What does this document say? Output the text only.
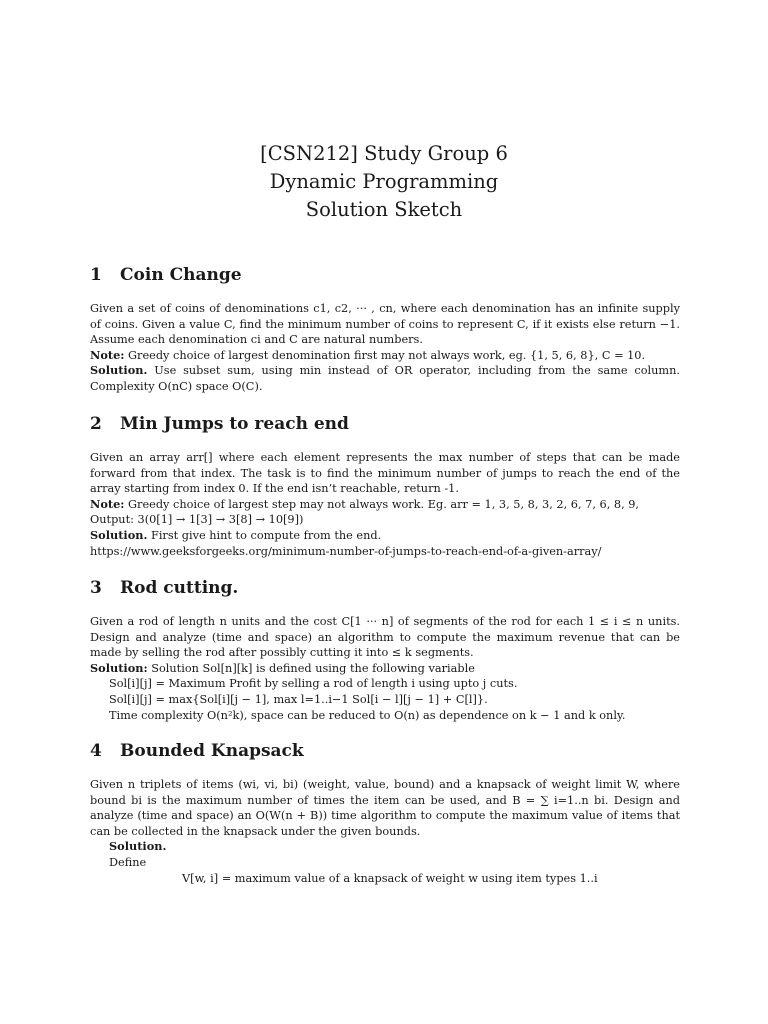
[CSN212] Study Group 6
Dynamic Programming
Solution Sketch
1 Coin Change

Given a set of coins of denominations c1, c2, ··· , cn, where each denomination has an infinite supply of coins. Given a value C, find the minimum number of coins to represent C, if it exists else return −1. Assume each denomination ci and C are natural numbers.

Note: Greedy choice of largest denomination first may not always work, eg. {1, 5, 6, 8}, C = 10.

Solution. Use subset sum, using min instead of OR operator, including from the same column. Complexity O(nC) space O(C).

2 Min Jumps to reach end

Given an array arr[] where each element represents the max number of steps that can be made forward from that index. The task is to find the minimum number of jumps to reach the end of the array starting from index 0. If the end isn’t reachable, return -1.

Note: Greedy choice of largest step may not always work. Eg. arr = 1, 3, 5, 8, 3, 2, 6, 7, 6, 8, 9,

Output: 3(0[1] → 1[3] → 3[8] → 10[9])

Solution. First give hint to compute from the end.

https://www.geeksforgeeks.org/minimum-number-of-jumps-to-reach-end-of-a-given-array/

3 Rod cutting.

Given a rod of length n units and the cost C[1 ··· n] of segments of the rod for each 1 ≤ i ≤ n units. Design and analyze (time and space) an algorithm to compute the maximum revenue that can be made by selling the rod after possibly cutting it into ≤ k segments.

Solution: Solution Sol[n][k] is defined using the following variable

Sol[i][j] = Maximum Profit by selling a rod of length i using upto j cuts.

Sol[i][j] = max{Sol[i][j − 1], max l=1..i−1 Sol[i − l][j − 1] + C[l]}.

Time complexity O(n²k), space can be reduced to O(n) as dependence on k − 1 and k only.

4 Bounded Knapsack

Given n triplets of items (wi, vi, bi) (weight, value, bound) and a knapsack of weight limit W, where bound bi is the maximum number of times the item can be used, and B = ∑ i=1..n bi. Design and analyze (time and space) an O(W(n + B)) time algorithm to compute the maximum value of items that can be collected in the knapsack under the given bounds.

Solution.

Define

V[w, i] = maximum value of a knapsack of weight w using item types 1..i
